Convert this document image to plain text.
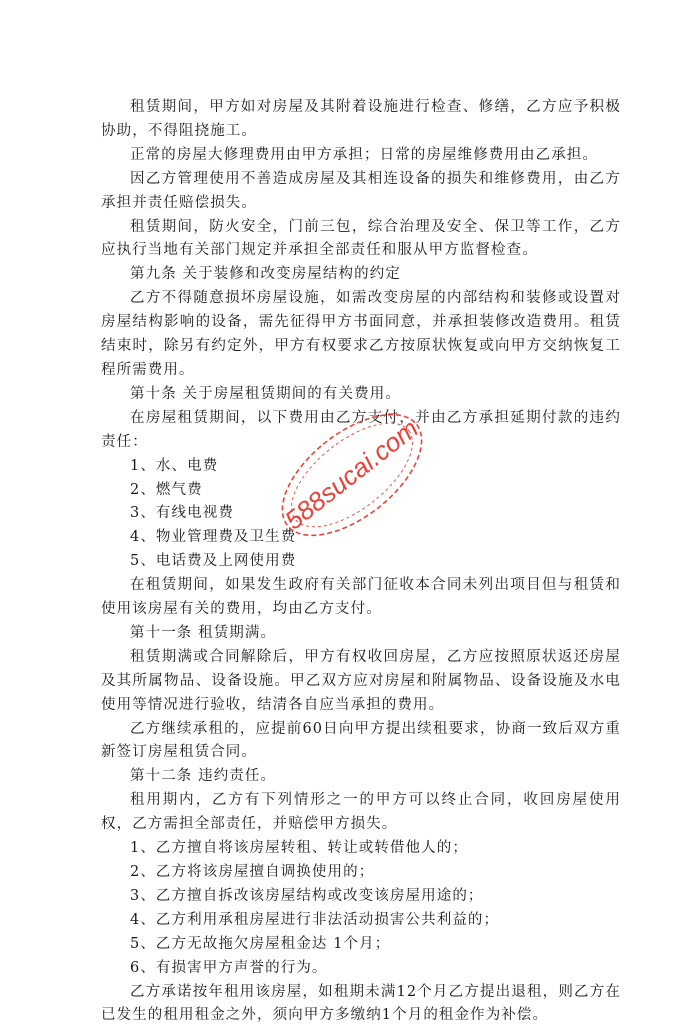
租赁期间，甲方如对房屋及其附着设施进行检查、修缮，乙方应予积极协助，不得阻挠施工。

正常的房屋大修理费用由甲方承担；日常的房屋维修费用由乙承担。

因乙方管理使用不善造成房屋及其相连设备的损失和维修费用，由乙方承担并责任赔偿损失。

租赁期间，防火安全，门前三包，综合治理及安全、保卫等工作，乙方应执行当地有关部门规定并承担全部责任和服从甲方监督检查。

第九条 关于装修和改变房屋结构的约定

乙方不得随意损坏房屋设施，如需改变房屋的内部结构和装修或设置对房屋结构影响的设备，需先征得甲方书面同意，并承担装修改造费用。租赁结束时，除另有约定外，甲方有权要求乙方按原状恢复或向甲方交纳恢复工程所需费用。

第十条 关于房屋租赁期间的有关费用。

在房屋租赁期间，以下费用由乙方支付，并由乙方承担延期付款的违约责任：

1、水、电费

2、燃气费

3、有线电视费

4、物业管理费及卫生费

5、电话费及上网使用费

在租赁期间，如果发生政府有关部门征收本合同未列出项目但与租赁和使用该房屋有关的费用，均由乙方支付。

第十一条 租赁期满。

租赁期满或合同解除后，甲方有权收回房屋，乙方应按照原状返还房屋及其所属物品、设备设施。甲乙双方应对房屋和附属物品、设备设施及水电使用等情况进行验收，结清各自应当承担的费用。

乙方继续承租的，应提前60日向甲方提出续租要求，协商一致后双方重新签订房屋租赁合同。

第十二条 违约责任。

租用期内，乙方有下列情形之一的甲方可以终止合同，收回房屋使用权，乙方需担全部责任，并赔偿甲方损失。

1、乙方擅自将该房屋转租、转让或转借他人的；

2、乙方将该房屋擅自调换使用的；

3、乙方擅自拆改该房屋结构或改变该房屋用途的；

4、乙方利用承租房屋进行非法活动损害公共利益的；

5、乙方无故拖欠房屋租金达 1个月；

6、有损害甲方声誉的行为。

乙方承诺按年租用该房屋，如租期未满12个月乙方提出退租，则乙方在已发生的租用租金之外，须向甲方多缴纳1个月的租金作为补偿。

588sucai.com
